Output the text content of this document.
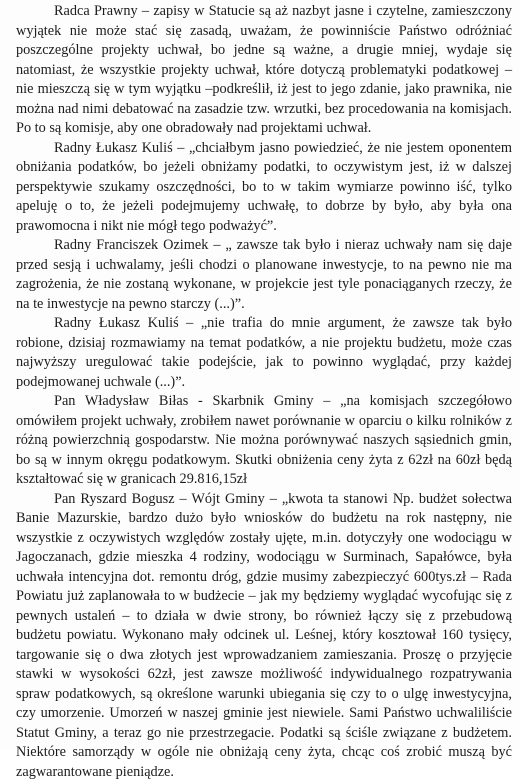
Radca Prawny – zapisy w Statucie są aż nazbyt jasne i czytelne, zamieszczony wyjątek nie może stać się zasadą, uważam, że powinniście Państwo odróżniać poszczególne projekty uchwał, bo jedne są ważne, a drugie mniej, wydaje się natomiast, że wszystkie projekty uchwał, które dotyczą problematyki podatkowej – nie mieszczą się w tym wyjątku –podkreślił, iż jest to jego zdanie, jako prawnika, nie można nad nimi debatować na zasadzie tzw. wrzutki, bez procedowania na komisjach. Po to są komisje, aby one obradowały nad projektami uchwał.

Radny Łukasz Kuliś – „chciałbym jasno powiedzieć, że nie jestem oponentem obniżania podatków, bo jeżeli obniżamy podatki, to oczywistym jest, iż w dalszej perspektywie szukamy oszczędności, bo to w takim wymiarze powinno iść, tylko apeluję o to, że jeżeli podejmujemy uchwałę, to dobrze by było, aby była ona prawomocna i nikt nie mógł tego podważyć”.

Radny Franciszek Ozimek – „ zawsze tak było i nieraz uchwały nam się daje przed sesją i uchwalamy, jeśli chodzi o planowane inwestycje, to na pewno nie ma zagrożenia, że nie zostaną wykonane, w projekcie jest tyle ponaciąganych rzeczy, że na te inwestycje na pewno starczy (...)”.

Radny Łukasz Kuliś – „nie trafia do mnie argument, że zawsze tak było robione, dzisiaj rozmawiamy na temat podatków, a nie projektu budżetu, może czas najwyższy uregulować takie podejście, jak to powinno wyglądać, przy każdej podejmowanej uchwale (...)”.

Pan Władysław Biłas - Skarbnik Gminy – „na komisjach szczegółowo omówiłem projekt uchwały, zrobiłem nawet porównanie w oparciu o kilku rolników z różną powierzchnią gospodarstw. Nie można porównywać naszych sąsiednich gmin, bo są w innym okręgu podatkowym. Skutki obniżenia ceny żyta z 62zł na 60zł będą kształtować się w granicach 29.816,15zł

Pan Ryszard Bogusz – Wójt Gminy – „kwota ta stanowi Np. budżet sołectwa Banie Mazurskie, bardzo dużo było wniosków do budżetu na rok następny, nie wszystkie z oczywistych względów zostały ujęte, m.in. dotyczyły one wodociągu w Jagoczanach, gdzie mieszka 4 rodziny, wodociągu w Surminach, Sapałówce, była uchwała intencyjna dot. remontu dróg, gdzie musimy zabezpieczyć 600tys.zł – Rada Powiatu już zaplanowała to w budżecie – jak my będziemy wyglądać wycofując się z pewnych ustaleń – to działa w dwie strony, bo również łączy się z przebudową budżetu powiatu. Wykonano mały odcinek ul. Leśnej, który kosztował 160 tysięcy, targowanie się o dwa złotych jest wprowadzaniem zamieszania. Proszę o przyjęcie stawki w wysokości 62zł, jest zawsze możliwość indywidualnego rozpatrywania spraw podatkowych, są określone warunki ubiegania się czy to o ulgę inwestycyjna, czy umorzenie. Umorzeń w naszej gminie jest niewiele. Sami Państwo uchwaliliście Statut Gminy, a teraz go nie przestrzegacie. Podatki są ściśle związane z budżetem. Niektóre samorządy w ogóle nie obniżają ceny żyta, chcąc coś zrobić muszą być zagwarantowane pieniądze.
